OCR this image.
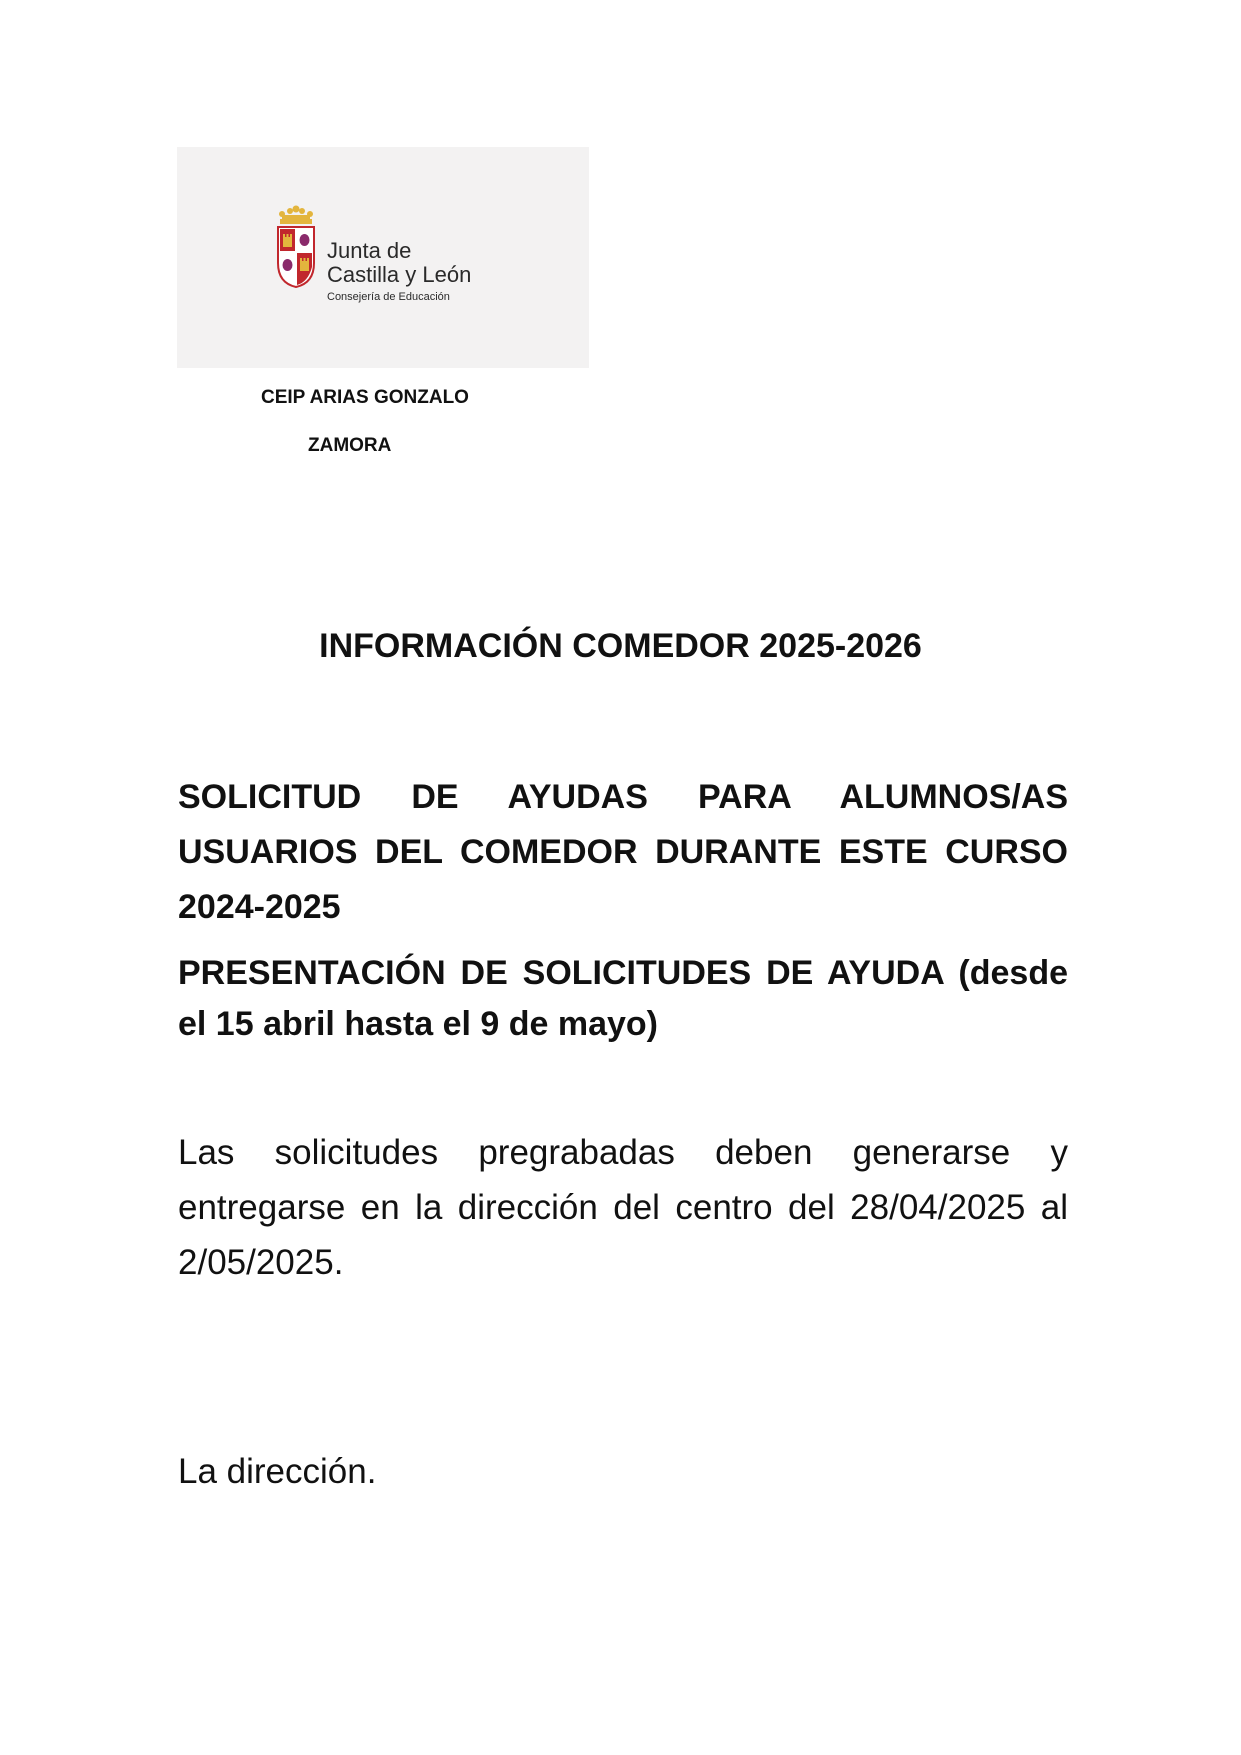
Junta de
Castilla y León
Consejería de Educación
CEIP ARIAS GONZALO
ZAMORA
INFORMACIÓN COMEDOR 2025-2026
SOLICITUD DE AYUDAS PARA ALUMNOS/AS USUARIOS DEL COMEDOR DURANTE ESTE CURSO 2024-2025
PRESENTACIÓN DE SOLICITUDES DE AYUDA (desde el 15 abril hasta el 9 de mayo)
Las solicitudes pregrabadas deben generarse y entregarse en la dirección del centro del 28/04/2025 al 2/05/2025.
La dirección.
